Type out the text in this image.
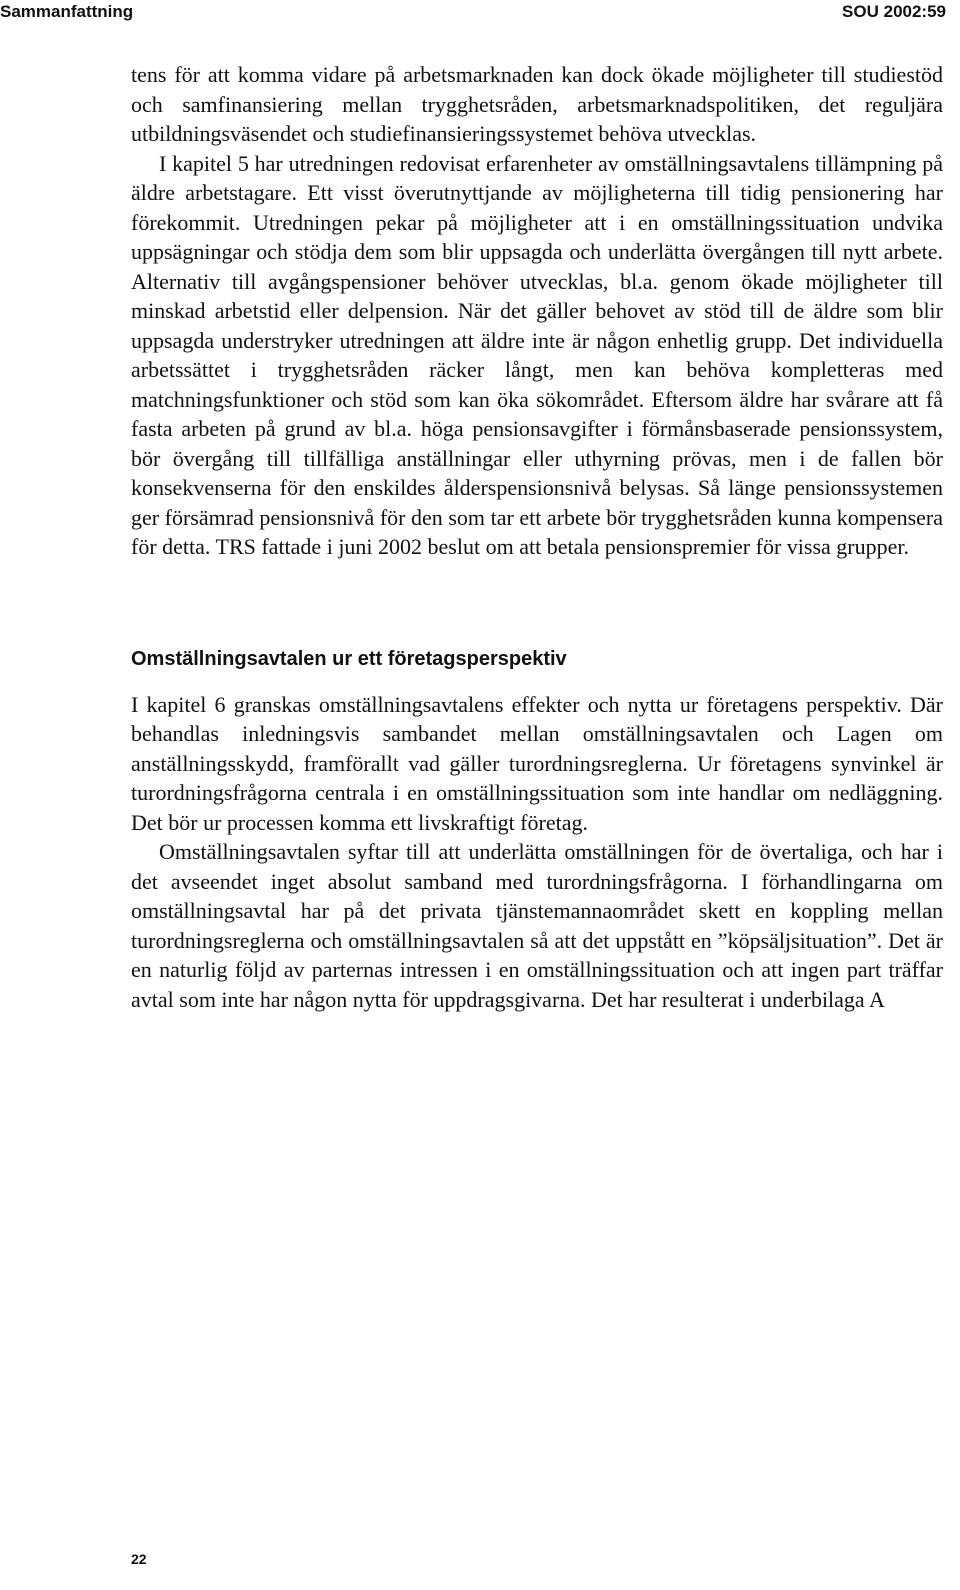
Sammanfattning	SOU 2002:59

tens för att komma vidare på arbetsmarknaden kan dock ökade möjligheter till studiestöd och samfinansiering mellan trygghetsråden, arbetsmarknadspolitiken, det reguljära utbildningsväsendet och studiefinansieringssystemet behöva utvecklas.

I kapitel 5 har utredningen redovisat erfarenheter av omställningsavtalens tillämpning på äldre arbetstagare. Ett visst överutnyttjande av möjligheterna till tidig pensionering har förekommit. Utredningen pekar på möjligheter att i en omställningssituation undvika uppsägningar och stödja dem som blir uppsagda och underlätta övergången till nytt arbete. Alternativ till avgångspensioner behöver utvecklas, bl.a. genom ökade möjligheter till minskad arbetstid eller delpension. När det gäller behovet av stöd till de äldre som blir uppsagda understryker utredningen att äldre inte är någon enhetlig grupp. Det individuella arbetssättet i trygghetsråden räcker långt, men kan behöva kompletteras med matchningsfunktioner och stöd som kan öka sökområdet. Eftersom äldre har svårare att få fasta arbeten på grund av bl.a. höga pensionsavgifter i förmånsbaserade pensionssystem, bör övergång till tillfälliga anställningar eller uthyrning prövas, men i de fallen bör konsekvenserna för den enskildes ålderspensionsnivå belysas. Så länge pensionssystemen ger försämrad pensionsnivå för den som tar ett arbete bör trygghetsråden kunna kompensera för detta. TRS fattade i juni 2002 beslut om att betala pensionspremier för vissa grupper.

Omställningsavtalen ur ett företagsperspektiv

I kapitel 6 granskas omställningsavtalens effekter och nytta ur företagens perspektiv. Där behandlas inledningsvis sambandet mellan omställningsavtalen och Lagen om anställningsskydd, framförallt vad gäller turordningsreglerna. Ur företagens synvinkel är turordningsfrågorna centrala i en omställningssituation som inte handlar om nedläggning. Det bör ur processen komma ett livskraftigt företag.

Omställningsavtalen syftar till att underlätta omställningen för de övertaliga, och har i det avseendet inget absolut samband med turordningsfrågorna. I förhandlingarna om omställningsavtal har på det privata tjänstemannaområdet skett en koppling mellan turordningsreglerna och omställningsavtalen så att det uppstått en ”köpsäljsituation”. Det är en naturlig följd av parternas intressen i en omställningssituation och att ingen part träffar avtal som inte har någon nytta för uppdragsgivarna. Det har resulterat i underbilaga A

22
